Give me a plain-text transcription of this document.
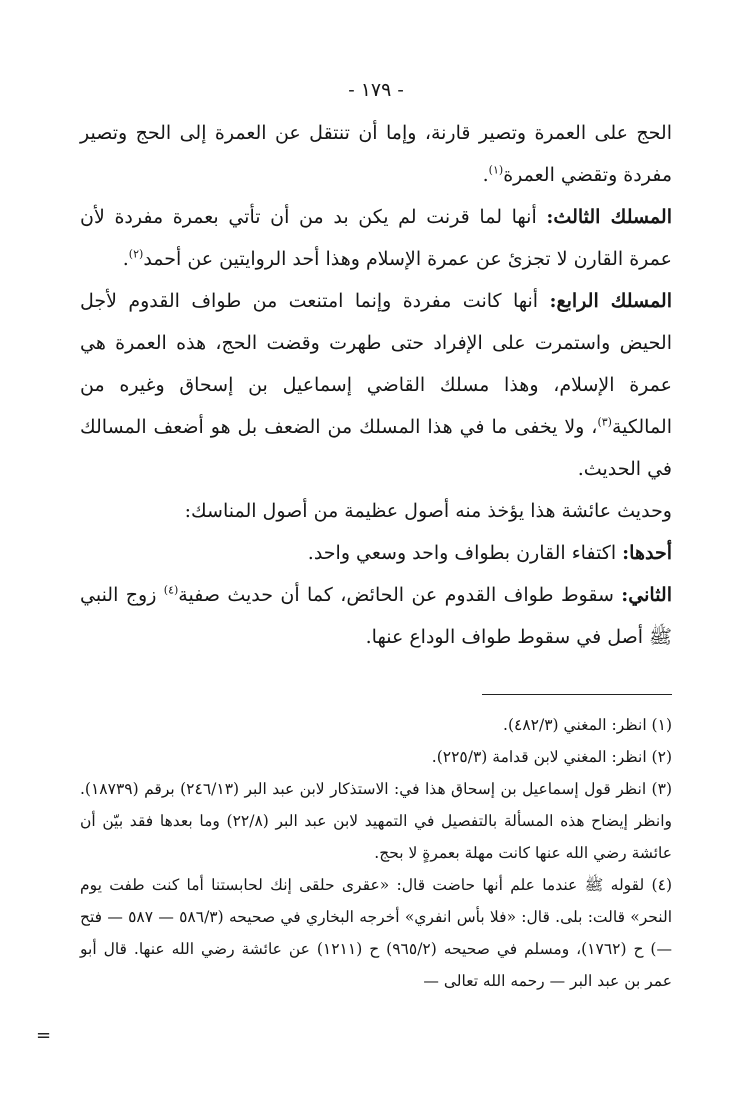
- ١٧٩ -

الحج على العمرة وتصير قارنة، وإما أن تنتقل عن العمرة إلى الحج وتصير مفردة وتقضي العمرة$^{(١)}$.

المسلك الثالث: أنها لما قرنت لم يكن بد من أن تأتي بعمرة مفردة لأن عمرة القارن لا تجزئ عن عمرة الإسلام وهذا أحد الروايتين عن أحمد$^{(٢)}$.

المسلك الرابع: أنها كانت مفردة وإنما امتنعت من طواف القدوم لأجل الحيض واستمرت على الإفراد حتى طهرت وقضت الحج، هذه العمرة هي عمرة الإسلام، وهذا مسلك القاضي إسماعيل بن إسحاق وغيره من المالكية$^{(٣)}$، ولا يخفى ما في هذا المسلك من الضعف بل هو أضعف المسالك في الحديث.

وحديث عائشة هذا يؤخذ منه أصول عظيمة من أصول المناسك:

أحدها: اكتفاء القارن بطواف واحد وسعي واحد.

الثاني: سقوط طواف القدوم عن الحائض، كما أن حديث صفية$^{(٤)}$ زوج النبي ﷺ أصل في سقوط طواف الوداع عنها.

(١) انظر: المغني (٤٨٢/٣).

(٢) انظر: المغني لابن قدامة (٢٢٥/٣).

(٣) انظر قول إسماعيل بن إسحاق هذا في: الاستذكار لابن عبد البر (٢٤٦/١٣) برقم (١٨٧٣٩). وانظر إيضاح هذه المسألة بالتفصيل في التمهيد لابن عبد البر (٢٢/٨) وما بعدها فقد بيّن أن عائشة رضي الله عنها كانت مهلة بعمرةٍ لا بحج.

(٤) لقوله ﷺ عندما علم أنها حاضت قال: «عقرى حلقى إنك لحابستنا أما كنت طفت يوم النحر» قالت: بلى. قال: «فلا بأس انفري» أخرجه البخاري في صحيحه (٥٨٦/٣ — ٥٨٧ — فتح —) ح (١٧٦٢)، ومسلم في صحيحه (٩٦٥/٢) ح (١٢١١) عن عائشة رضي الله عنها. قال أبو عمر بن عبد البر — رحمه الله تعالى —

=
